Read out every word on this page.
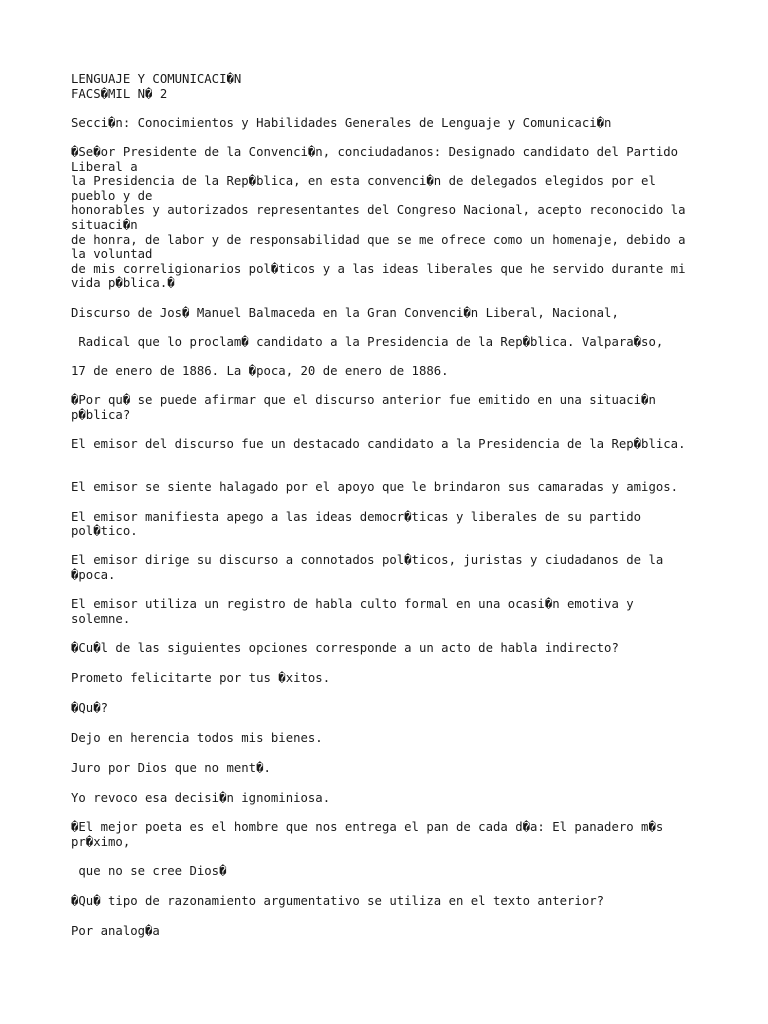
LENGUAJE Y COMUNICACI�N

FACS�MIL N� 2

Secci�n: Conocimientos y Habilidades Generales de Lenguaje y Comunicaci�n

�Se�or Presidente de la Convenci�n, conciudadanos: Designado candidato del Partido

Liberal a

la Presidencia de la Rep�blica, en esta convenci�n de delegados elegidos por el

pueblo y de

honorables y autorizados representantes del Congreso Nacional, acepto reconocido la

situaci�n

de honra, de labor y de responsabilidad que se me ofrece como un homenaje, debido a

la voluntad

de mis correligionarios pol�ticos y a las ideas liberales que he servido durante mi

vida p�blica.�

Discurso de Jos� Manuel Balmaceda en la Gran Convenci�n Liberal, Nacional,

Radical que lo proclam� candidato a la Presidencia de la Rep�blica. Valpara�so,

17 de enero de 1886. La �poca, 20 de enero de 1886.

�Por qu� se puede afirmar que el discurso anterior fue emitido en una situaci�n

p�blica?

El emisor del discurso fue un destacado candidato a la Presidencia de la Rep�blica.

El emisor se siente halagado por el apoyo que le brindaron sus camaradas y amigos.

El emisor manifiesta apego a las ideas democr�ticas y liberales de su partido

pol�tico.

El emisor dirige su discurso a connotados pol�ticos, juristas y ciudadanos de la

�poca.

El emisor utiliza un registro de habla culto formal en una ocasi�n emotiva y

solemne.

�Cu�l de las siguientes opciones corresponde a un acto de habla indirecto?

Prometo felicitarte por tus �xitos.

�Qu�?

Dejo en herencia todos mis bienes.

Juro por Dios que no ment�.

Yo revoco esa decisi�n ignominiosa.

�El mejor poeta es el hombre que nos entrega el pan de cada d�a: El panadero m�s

pr�ximo,

que no se cree Dios�

�Qu� tipo de razonamiento argumentativo se utiliza en el texto anterior?

Por analog�a
